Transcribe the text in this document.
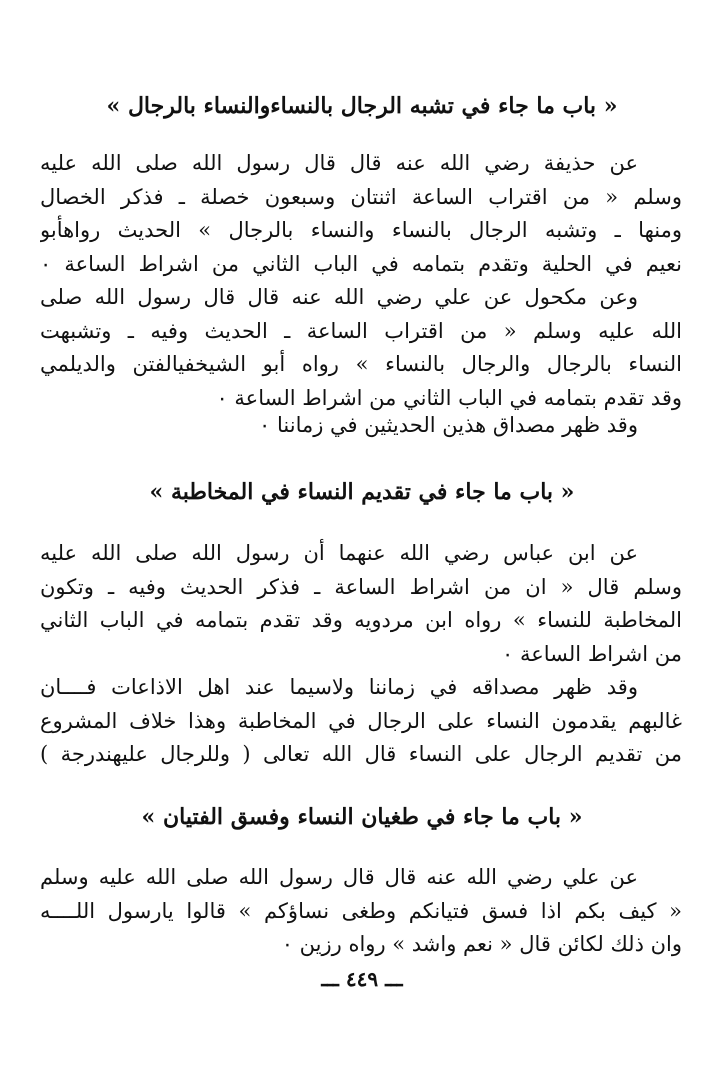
« باب ما جاء في تشبه الرجال بالنساءوالنساء بالرجال »
عن حذيفة رضي الله عنه قال قال رسول الله صلى الله عليه
وسلم « من اقتراب الساعة اثنتان وسبعون خصلة ـ فذكر الخصال
ومنها ـ وتشبه الرجال بالنساء والنساء بالرجال » الحديث رواهأبو
نعيم في الحلية وتقدم بتمامه في الباب الثاني من اشراط الساعة ٠
وعن مكحول عن علي رضي الله عنه قال قال رسول الله صلى
الله عليه وسلم « من اقتراب الساعة ـ الحديث وفيه ـ وتشبهت
النساء بالرجال والرجال بالنساء » رواه أبو الشيخفيالفتن والديلمي
وقد تقدم بتمامه في الباب الثاني من اشراط الساعة ٠
وقد ظهر مصداق هذين الحديثين في زماننا ٠
« باب ما جاء في تقديم النساء في المخاطبة »
عن ابن عباس رضي الله عنهما أن رسول الله صلى الله عليه
وسلم قال « ان من اشراط الساعة ـ فذكر الحديث وفيه ـ وتكون
المخاطبة للنساء » رواه ابن مردويه وقد تقدم بتمامه في الباب الثاني
من اشراط الساعة ٠
وقد ظهر مصداقه في زماننا ولاسيما عند اهل الاذاعات فــــان
غالبهم يقدمون النساء على الرجال في المخاطبة وهذا خلاف المشروع
من تقديم الرجال على النساء قال الله تعالى ( وللرجال عليهندرجة )
« باب ما جاء في طغيان النساء وفسق الفتيان »
عن علي رضي الله عنه قال قال رسول الله صلى الله عليه وسلم
« كيف بكم اذا فسق فتيانكم وطغى نساؤكم » قالوا يارسول اللــــه
وان ذلك لكائن قال « نعم واشد » رواه رزين ٠
ـــ ٤٤٩ ـــ
